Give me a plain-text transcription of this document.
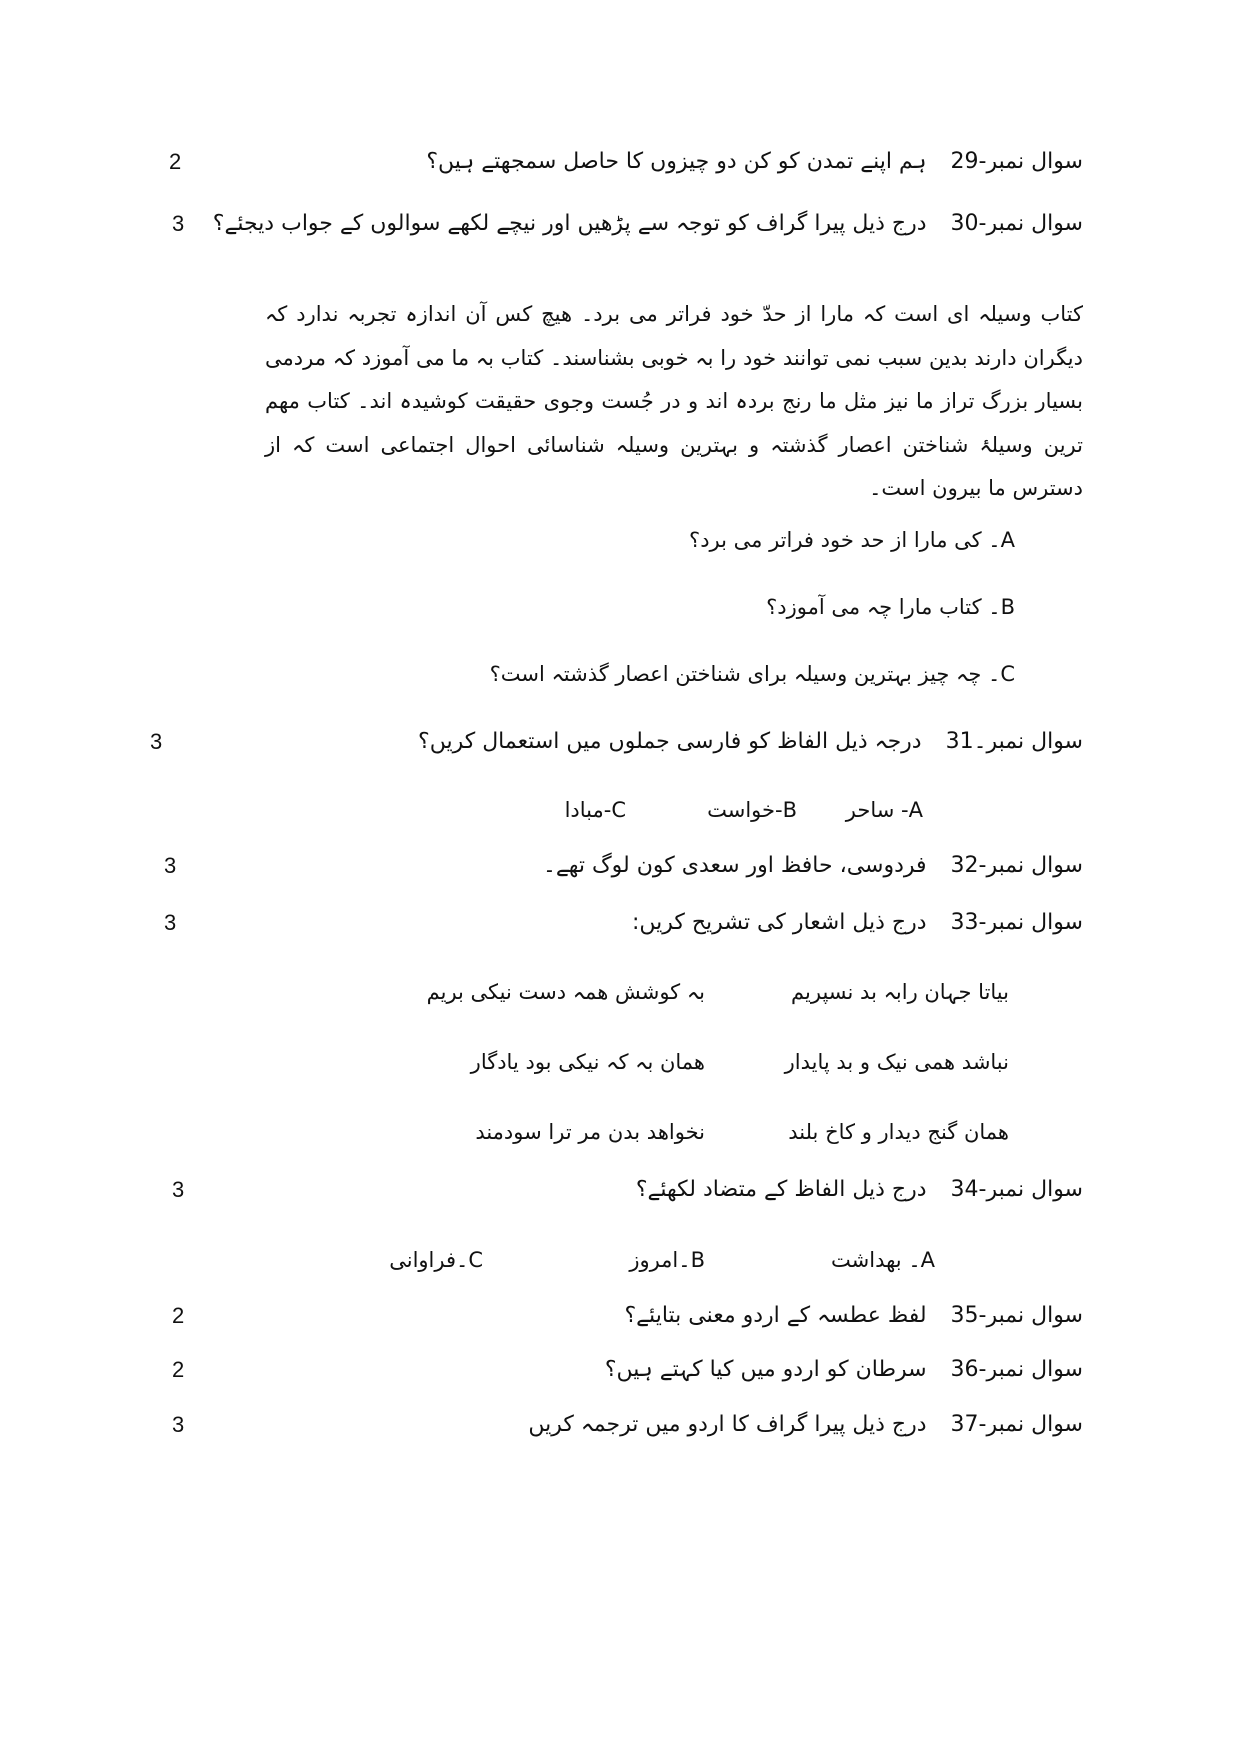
سوال نمبر-29ہم اپنے تمدن کو کن دو چیزوں کا حاصل سمجھتے ہیں؟
2
سوال نمبر-30درج ذیل پیرا گراف کو توجہ سے پڑھیں اور نیچے لکھے سوالوں کے جواب دیجئے؟
3
کتاب وسیلہ ای است کہ مارا از حدّ خود فراتر می برد۔ هیچ کس آن اندازہ تجربہ ندارد کہ دیگران دارند بدین سبب نمی توانند خود را بہ خوبی بشناسند۔ کتاب بہ ما می آموزد کہ مردمی بسیار بزرگ تراز ما نیز مثل ما رنج بردہ اند و در جُست وجوی حقیقت کوشیدہ اند۔ کتاب مهم ترین وسیلۂ شناختن اعصار گذشتہ و بہترین وسیلہ شناسائی احوال اجتماعی است کہ از دسترس ما بیرون است۔
A۔ کی مارا از حد خود فراتر می برد؟
B۔ کتاب مارا چہ می آموزد؟
C۔ چہ چیز بہترین وسیلہ برای شناختن اعصار گذشتہ است؟
سوال نمبر۔31درجہ ذیل الفاظ کو فارسی جملوں میں استعمال کریں؟
3
A- ساحر
B-خواست
C-مبادا
سوال نمبر-32فردوسی، حافظ اور سعدی کون لوگ تھے۔
3
سوال نمبر-33درج ذیل اشعار کی تشریح کریں:
3
بیاتا جہان رابہ بد نسپریم
بہ کوشش همہ دست نیکی بریم
نباشد همی نیک و بد پایدار
همان بہ کہ نیکی بود یادگار
همان گنج دیدار و کاخ بلند
نخواهد بدن مر ترا سودمند
سوال نمبر-34درج ذیل الفاظ کے متضاد لکھئے؟
3
A۔ بهداشت
B۔امروز
C۔فراوانی
سوال نمبر-35لفظ عطسہ کے اردو معنی بتایئے؟
2
سوال نمبر-36سرطان کو اردو میں کیا کہتے ہیں؟
2
سوال نمبر-37درج ذیل پیرا گراف کا اردو میں ترجمہ کریں
3
